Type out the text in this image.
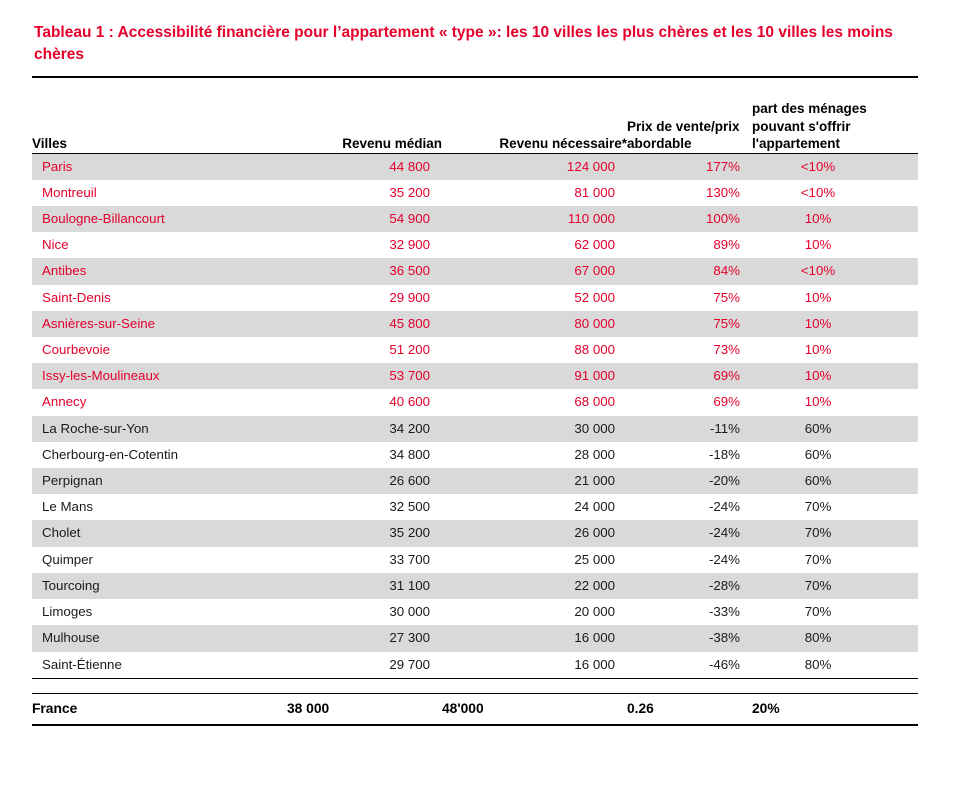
Tableau 1 : Accessibilité financière pour l’appartement « type »: les 10 villes les plus chères et les 10 villes les moins chères

Villes	Revenu médian	Revenu nécessaire*	Prix de vente/prix abordable	part des ménages pouvant s'offrir l'appartement

Paris	44 800	124 000	177%	<10%
Montreuil	35 200	81 000	130%	<10%
Boulogne-Billancourt	54 900	110 000	100%	10%
Nice	32 900	62 000	89%	10%
Antibes	36 500	67 000	84%	<10%
Saint-Denis	29 900	52 000	75%	10%
Asnières-sur-Seine	45 800	80 000	75%	10%
Courbevoie	51 200	88 000	73%	10%
Issy-les-Moulineaux	53 700	91 000	69%	10%
Annecy	40 600	68 000	69%	10%
La Roche-sur-Yon	34 200	30 000	-11%	60%
Cherbourg-en-Cotentin	34 800	28 000	-18%	60%
Perpignan	26 600	21 000	-20%	60%
Le Mans	32 500	24 000	-24%	70%
Cholet	35 200	26 000	-24%	70%
Quimper	33 700	25 000	-24%	70%
Tourcoing	31 100	22 000	-28%	70%
Limoges	30 000	20 000	-33%	70%
Mulhouse	27 300	16 000	-38%	80%
Saint-Étienne	29 700	16 000	-46%	80%

France	38 000	48'000	0.26	20%
